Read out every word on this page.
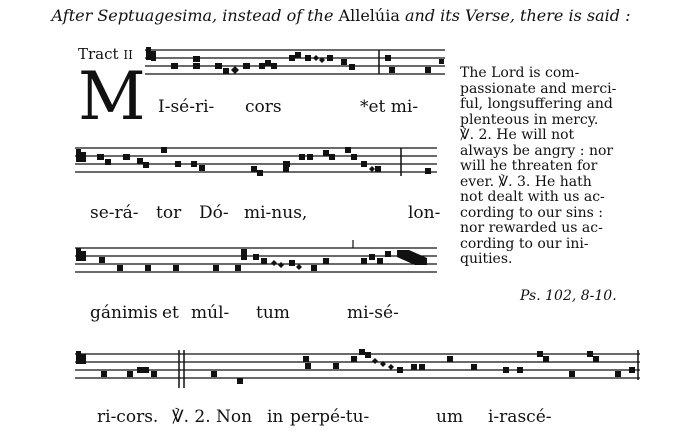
After Septuagesima, instead of the Allelúia and its Verse, there is said :
Tract II
M I-sé-ri- cors	*et mi-
se-rá- tor Dó- mi-nus,	lon-
gánimis et múl- tum	mi-sé-
ri-cors. ℣. 2. Non in perpé-tu-	um i-rascé-
The Lord is com-
passionate and merci-
ful, longsuffering and
plenteous in mercy.
℣. 2. He will not
always be angry : nor
will he threaten for
ever. ℣. 3. He hath
not dealt with us ac-
cording to our sins :
nor rewarded us ac-
cording to our ini-
quities.
Ps. 102, 8-10.
